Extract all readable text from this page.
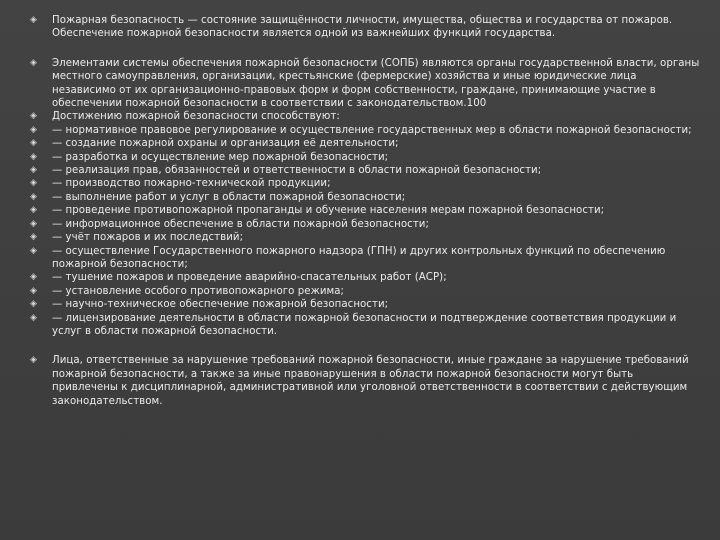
◈	Пожарная безопасность — состояние защищённости личности, имущества, общества и государства от пожаров. Обеспечение пожарной безопасности является одной из важнейших функций государства.
◈	Элементами системы обеспечения пожарной безопасности (СОПБ) являются органы государственной власти, органы местного самоуправления, организации, крестьянские (фермерские) хозяйства и иные юридические лица независимо от их организационно-правовых форм и форм собственности, граждане, принимающие участие в обеспечении пожарной безопасности в соответствии с законодательством.100
◈	Достижению пожарной безопасности способствуют:
◈	— нормативное правовое регулирование и осуществление государственных мер в области пожарной безопасности;
◈	— создание пожарной охраны и организация её деятельности;
◈	— разработка и осуществление мер пожарной безопасности;
◈	— реализация прав, обязанностей и ответственности в области пожарной безопасности;
◈	— производство пожарно-технической продукции;
◈	— выполнение работ и услуг в области пожарной безопасности;
◈	— проведение противопожарной пропаганды и обучение населения мерам пожарной безопасности;
◈	— информационное обеспечение в области пожарной безопасности;
◈	— учёт пожаров и их последствий;
◈	— осуществление Государственного пожарного надзора (ГПН) и других контрольных функций по обеспечению пожарной безопасности;
◈	— тушение пожаров и проведение аварийно-спасательных работ (АСР);
◈	— установление особого противопожарного режима;
◈	— научно-техническое обеспечение пожарной безопасности;
◈	— лицензирование деятельности в области пожарной безопасности и подтверждение соответствия продукции и услуг в области пожарной безопасности.
◈	Лица, ответственные за нарушение требований пожарной безопасности, иные граждане за нарушение требований пожарной безопасности, а также за иные правонарушения в области пожарной безопасности могут быть привлечены к дисциплинарной, административной или уголовной ответственности в соответствии с действующим законодательством.
